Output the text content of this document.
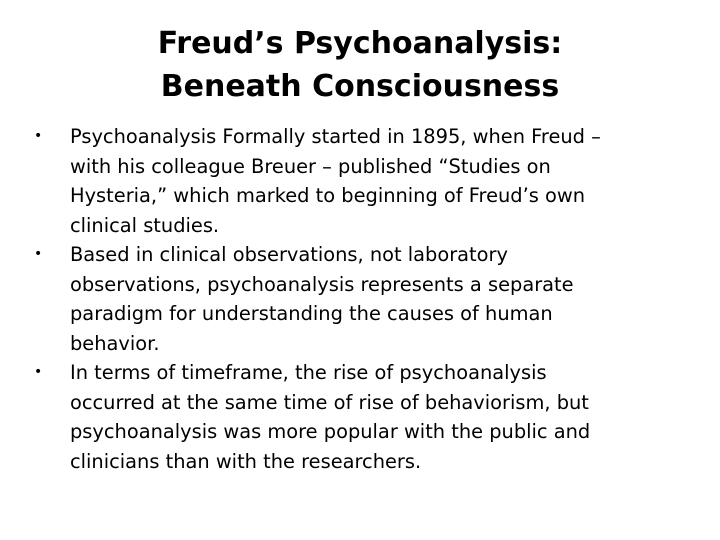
Freud’s Psychoanalysis:
Beneath Consciousness
•	Psychoanalysis Formally started in 1895, when Freud –
with his colleague Breuer – published “Studies on
Hysteria,” which marked to beginning of Freud’s own
clinical studies.
•	Based in clinical observations, not laboratory
observations, psychoanalysis represents a separate
paradigm for understanding the causes of human
behavior.
•	In terms of timeframe, the rise of psychoanalysis
occurred at the same time of rise of behaviorism, but
psychoanalysis was more popular with the public and
clinicians than with the researchers.
